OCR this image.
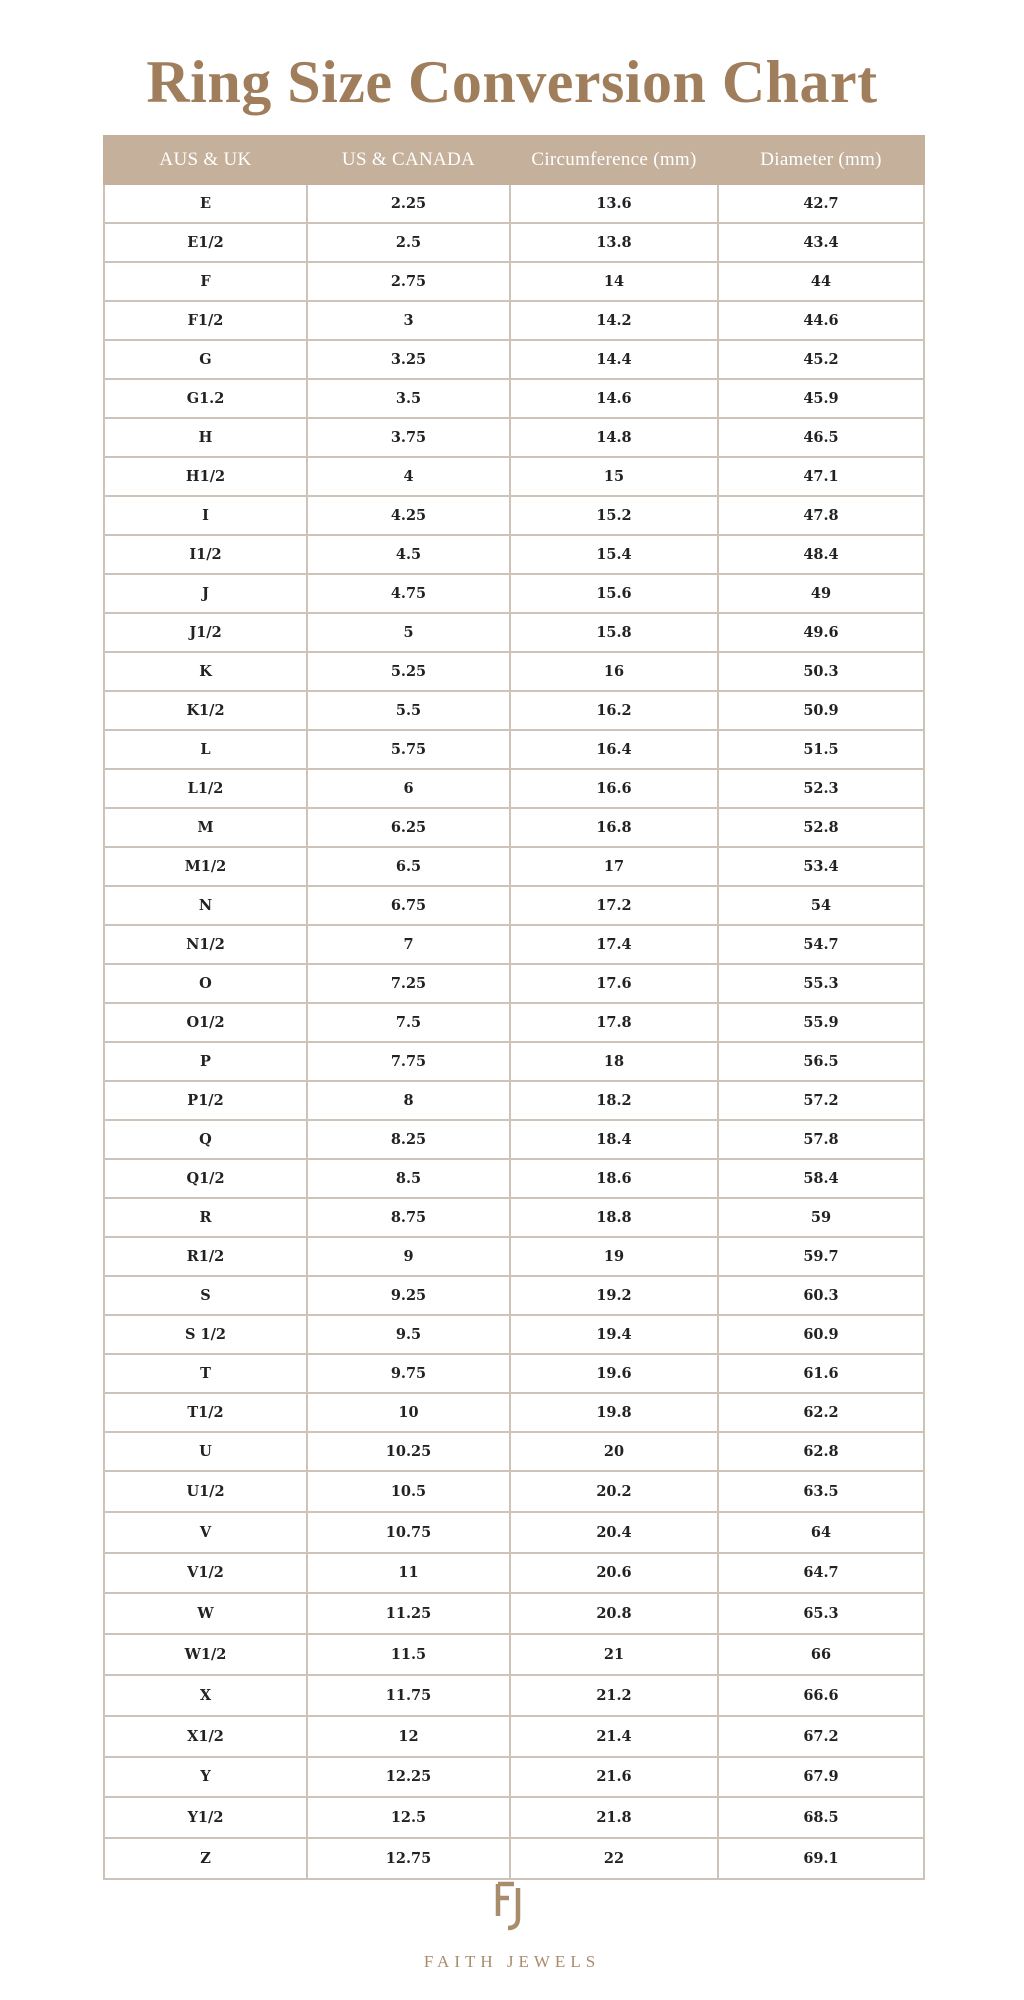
Ring Size Conversion Chart
AUS & UK	US & CANADA	Circumference (mm)	Diameter (mm)
E	2.25	13.6	42.7
E1/2	2.5	13.8	43.4
F	2.75	14	44
F1/2	3	14.2	44.6
G	3.25	14.4	45.2
G1.2	3.5	14.6	45.9
H	3.75	14.8	46.5
H1/2	4	15	47.1
I	4.25	15.2	47.8
I1/2	4.5	15.4	48.4
J	4.75	15.6	49
J1/2	5	15.8	49.6
K	5.25	16	50.3
K1/2	5.5	16.2	50.9
L	5.75	16.4	51.5
L1/2	6	16.6	52.3
M	6.25	16.8	52.8
M1/2	6.5	17	53.4
N	6.75	17.2	54
N1/2	7	17.4	54.7
O	7.25	17.6	55.3
O1/2	7.5	17.8	55.9
P	7.75	18	56.5
P1/2	8	18.2	57.2
Q	8.25	18.4	57.8
Q1/2	8.5	18.6	58.4
R	8.75	18.8	59
R1/2	9	19	59.7
S	9.25	19.2	60.3
S 1/2	9.5	19.4	60.9
T	9.75	19.6	61.6
T1/2	10	19.8	62.2
U	10.25	20	62.8
U1/2	10.5	20.2	63.5
V	10.75	20.4	64
V1/2	11	20.6	64.7
W	11.25	20.8	65.3
W1/2	11.5	21	66
X	11.75	21.2	66.6
X1/2	12	21.4	67.2
Y	12.25	21.6	67.9
Y1/2	12.5	21.8	68.5
Z	12.75	22	69.1
FAITH JEWELS
